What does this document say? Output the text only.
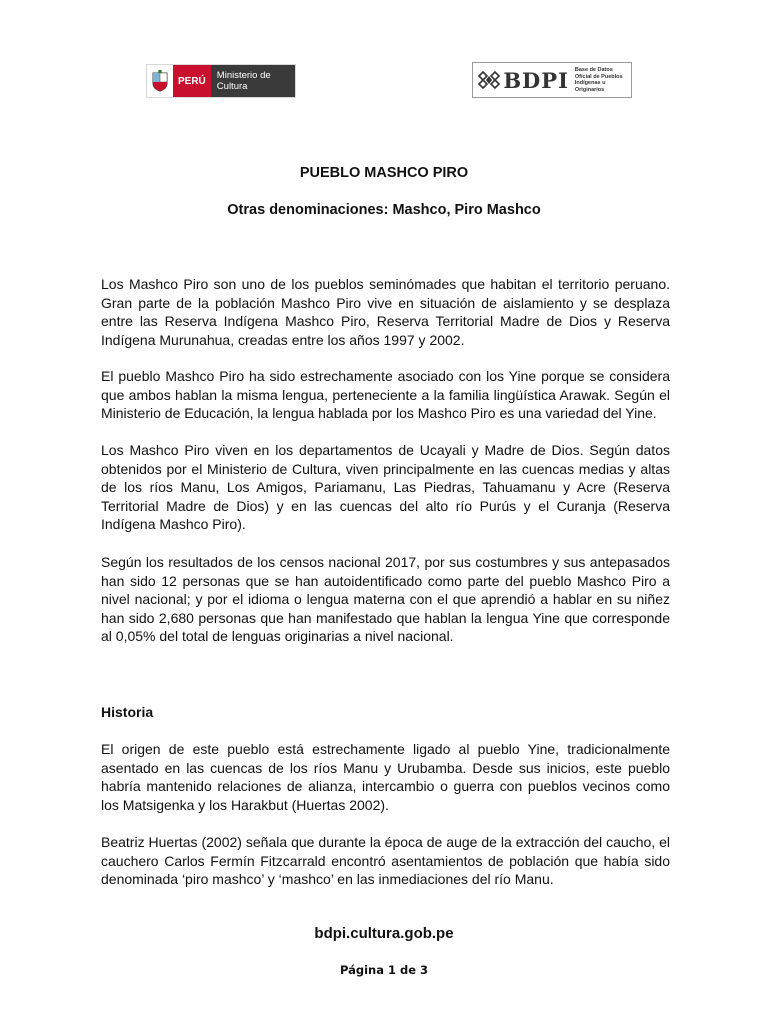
PERÚ	Ministerio de Cultura	BDPI Base de Datos Oficial de Pueblos Indígenas u Originarios
PUEBLO MASHCO PIRO
Otras denominaciones: Mashco, Piro Mashco

Los Mashco Piro son uno de los pueblos seminómades que habitan el territorio peruano. Gran parte de la población Mashco Piro vive en situación de aislamiento y se desplaza entre las Reserva Indígena Mashco Piro, Reserva Territorial Madre de Dios y Reserva Indígena Murunahua, creadas entre los años 1997 y 2002.

El pueblo Mashco Piro ha sido estrechamente asociado con los Yine porque se considera que ambos hablan la misma lengua, perteneciente a la familia lingüística Arawak. Según el Ministerio de Educación, la lengua hablada por los Mashco Piro es una variedad del Yine.

Los Mashco Piro viven en los departamentos de Ucayali y Madre de Dios. Según datos obtenidos por el Ministerio de Cultura, viven principalmente en las cuencas medias y altas de los ríos Manu, Los Amigos, Pariamanu, Las Piedras, Tahuamanu y Acre (Reserva Territorial Madre de Dios) y en las cuencas del alto río Purús y el Curanja (Reserva Indígena Mashco Piro).

Según los resultados de los censos nacional 2017, por sus costumbres y sus antepasados han sido 12 personas que se han autoidentificado como parte del pueblo Mashco Piro a nivel nacional; y por el idioma o lengua materna con el que aprendió a hablar en su niñez han sido 2,680 personas que han manifestado que hablan la lengua Yine que corresponde al 0,05% del total de lenguas originarias a nivel nacional.

Historia

El origen de este pueblo está estrechamente ligado al pueblo Yine, tradicionalmente asentado en las cuencas de los ríos Manu y Urubamba. Desde sus inicios, este pueblo habría mantenido relaciones de alianza, intercambio o guerra con pueblos vecinos como los Matsigenka y los Harakbut (Huertas 2002).

Beatriz Huertas (2002) señala que durante la época de auge de la extracción del caucho, el cauchero Carlos Fermín Fitzcarrald encontró asentamientos de población que había sido denominada ‘piro mashco’ y ‘mashco’ en las inmediaciones del río Manu.

bdpi.cultura.gob.pe
Página 1 de 3
